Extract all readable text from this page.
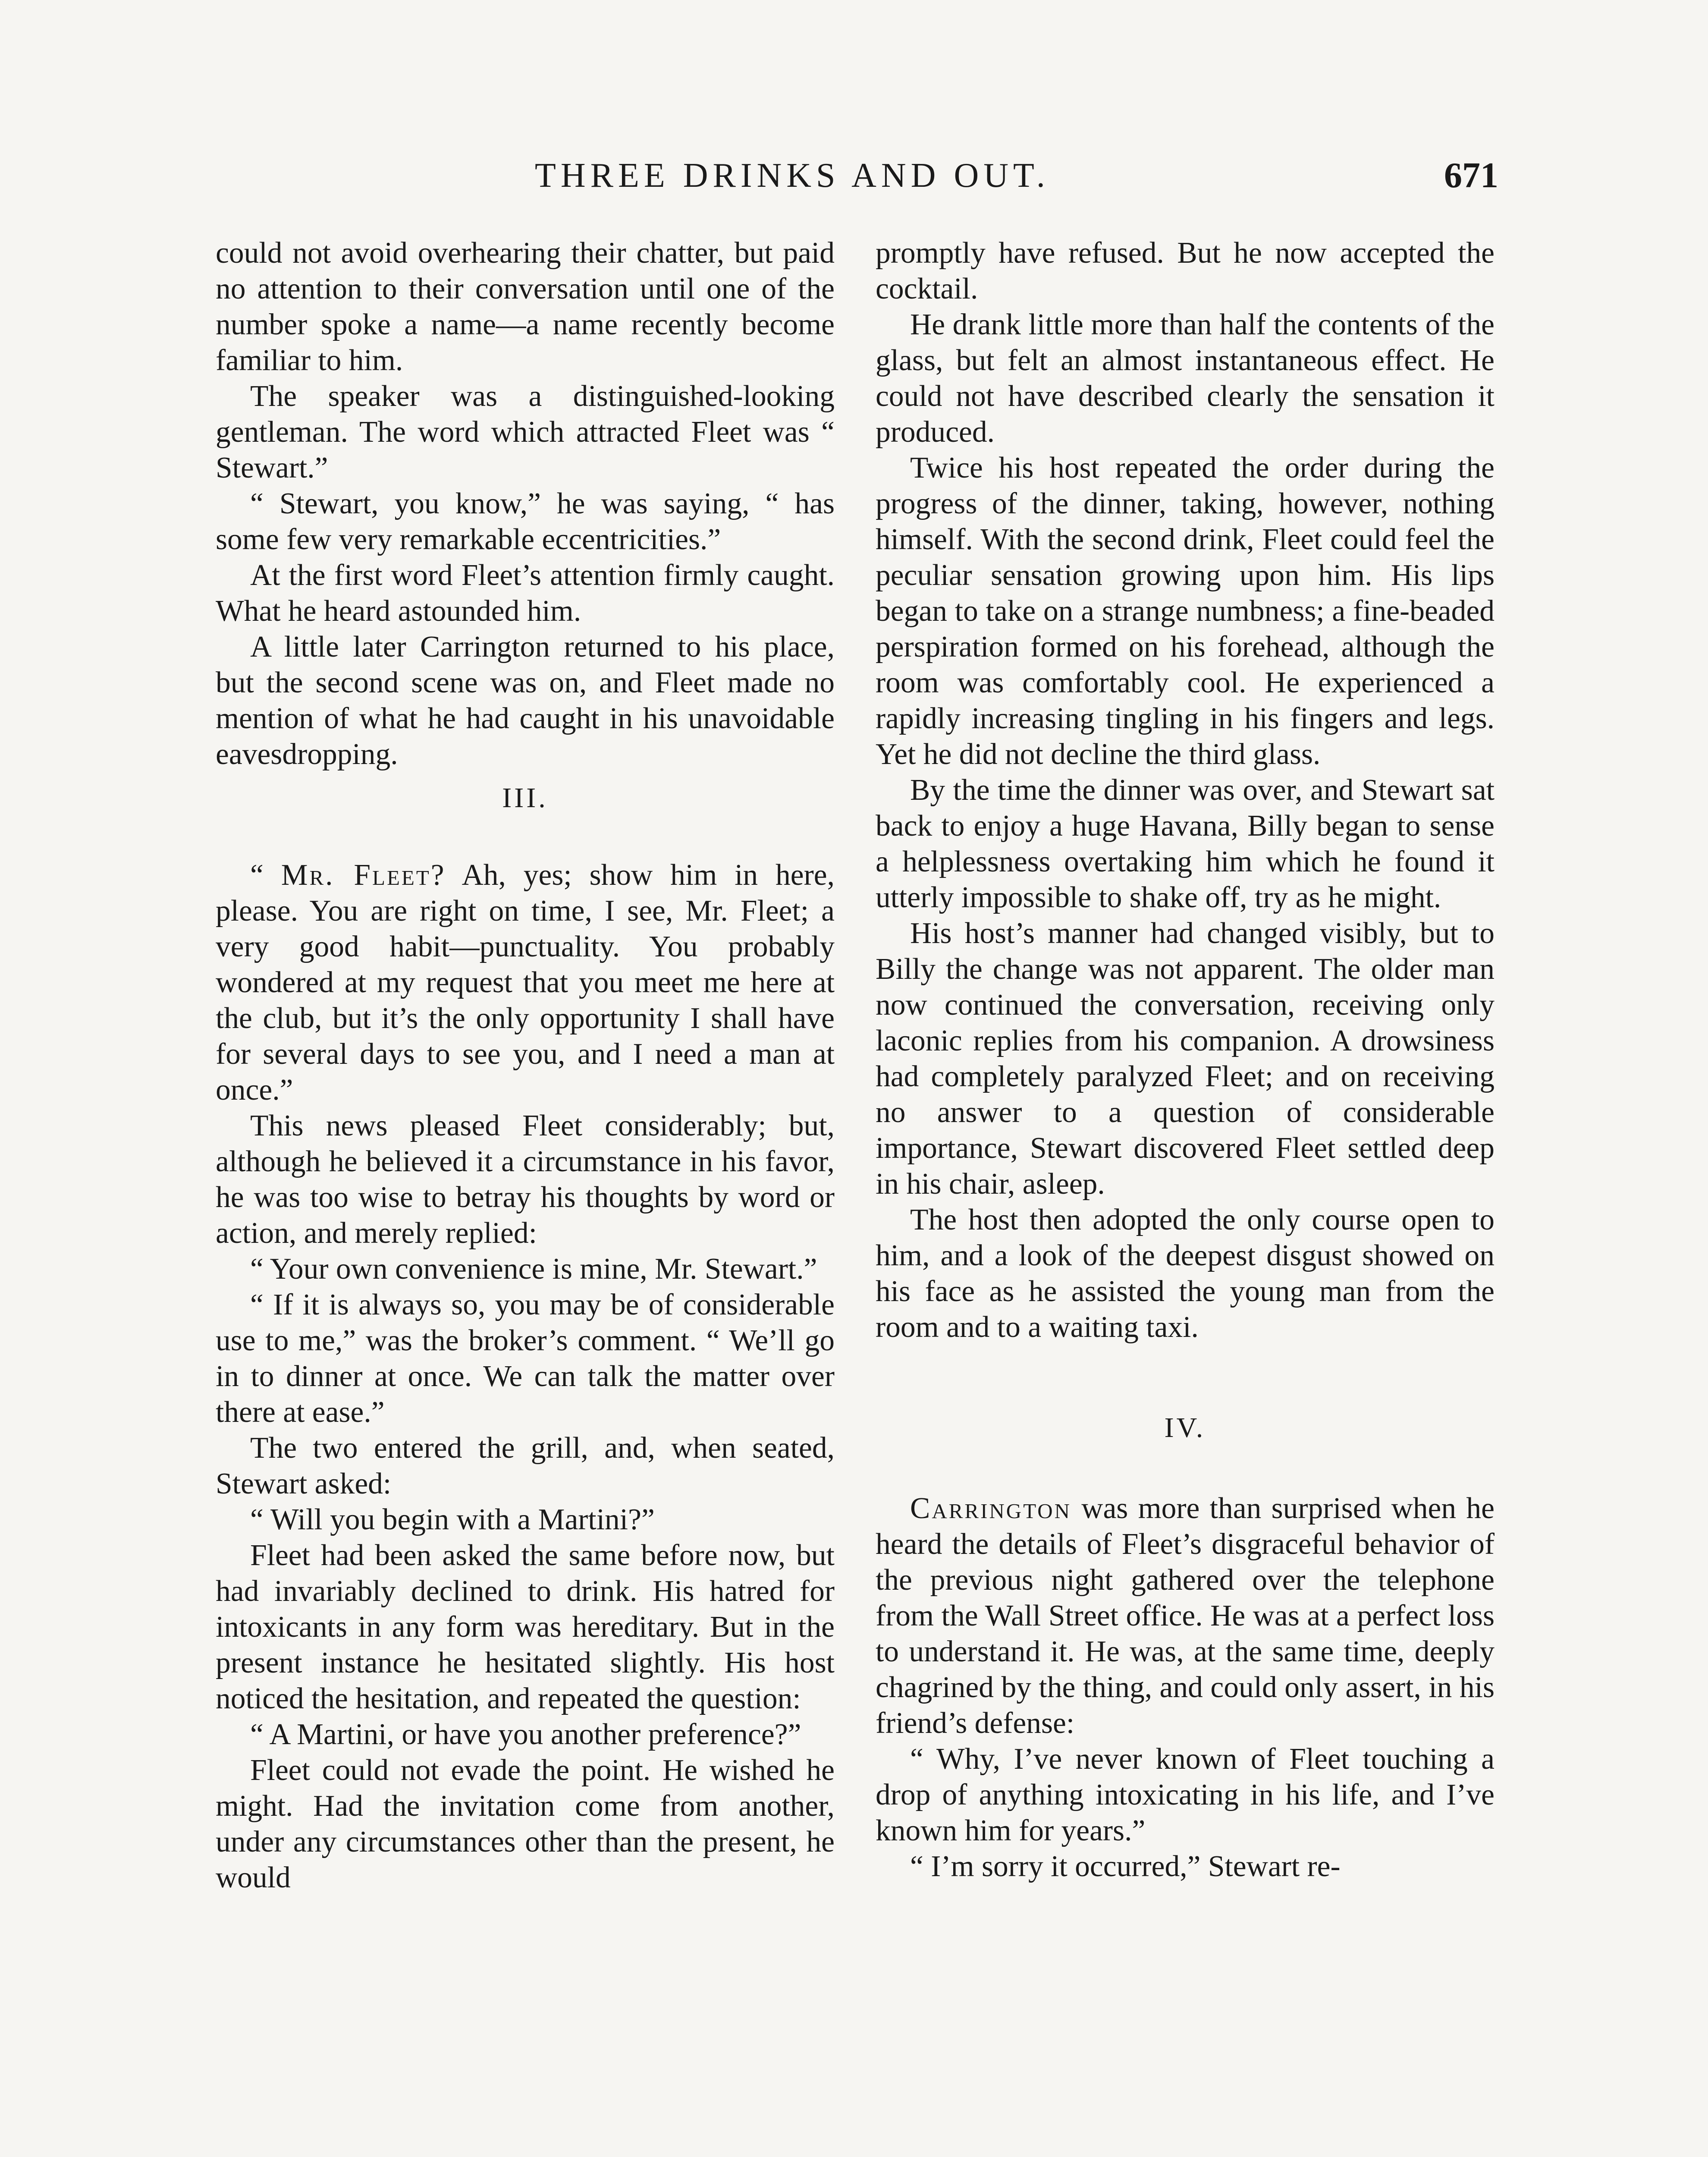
THREE DRINKS AND OUT.	671

could not avoid overhearing their chatter, but paid no attention to their conversation until one of the number spoke a name—a name recently become familiar to him.

The speaker was a distinguished-looking gentleman. The word which attracted Fleet was “ Stewart.”

“ Stewart, you know,” he was saying, “ has some few very remarkable eccentricities.”

At the first word Fleet’s attention firmly caught. What he heard astounded him.

A little later Carrington returned to his place, but the second scene was on, and Fleet made no mention of what he had caught in his unavoidable eavesdropping.

III.

“ Mr. Fleet? Ah, yes; show him in here, please. You are right on time, I see, Mr. Fleet; a very good habit—punctuality. You probably wondered at my request that you meet me here at the club, but it’s the only opportunity I shall have for several days to see you, and I need a man at once.”

This news pleased Fleet considerably; but, although he believed it a circumstance in his favor, he was too wise to betray his thoughts by word or action, and merely replied:

“ Your own convenience is mine, Mr. Stewart.”

“ If it is always so, you may be of considerable use to me,” was the broker’s comment. “ We’ll go in to dinner at once. We can talk the matter over there at ease.”

The two entered the grill, and, when seated, Stewart asked:

“ Will you begin with a Martini?”

Fleet had been asked the same before now, but had invariably declined to drink. His hatred for intoxicants in any form was hereditary. But in the present instance he hesitated slightly. His host noticed the hesitation, and repeated the question:

“ A Martini, or have you another preference?”

Fleet could not evade the point. He wished he might. Had the invitation come from another, under any circumstances other than the present, he would

promptly have refused. But he now accepted the cocktail.

He drank little more than half the contents of the glass, but felt an almost instantaneous effect. He could not have described clearly the sensation it produced.

Twice his host repeated the order during the progress of the dinner, taking, however, nothing himself. With the second drink, Fleet could feel the peculiar sensation growing upon him. His lips began to take on a strange numbness; a fine-beaded perspiration formed on his forehead, although the room was comfortably cool. He experienced a rapidly increasing tingling in his fingers and legs. Yet he did not decline the third glass.

By the time the dinner was over, and Stewart sat back to enjoy a huge Havana, Billy began to sense a helplessness overtaking him which he found it utterly impossible to shake off, try as he might.

His host’s manner had changed visibly, but to Billy the change was not apparent. The older man now continued the conversation, receiving only laconic replies from his companion. A drowsiness had completely paralyzed Fleet; and on receiving no answer to a question of considerable importance, Stewart discovered Fleet settled deep in his chair, asleep.

The host then adopted the only course open to him, and a look of the deepest disgust showed on his face as he assisted the young man from the room and to a waiting taxi.

IV.

Carrington was more than surprised when he heard the details of Fleet’s disgraceful behavior of the previous night gathered over the telephone from the Wall Street office. He was at a perfect loss to understand it. He was, at the same time, deeply chagrined by the thing, and could only assert, in his friend’s defense:

“ Why, I’ve never known of Fleet touching a drop of anything intoxicating in his life, and I’ve known him for years.”

“ I’m sorry it occurred,” Stewart re-
